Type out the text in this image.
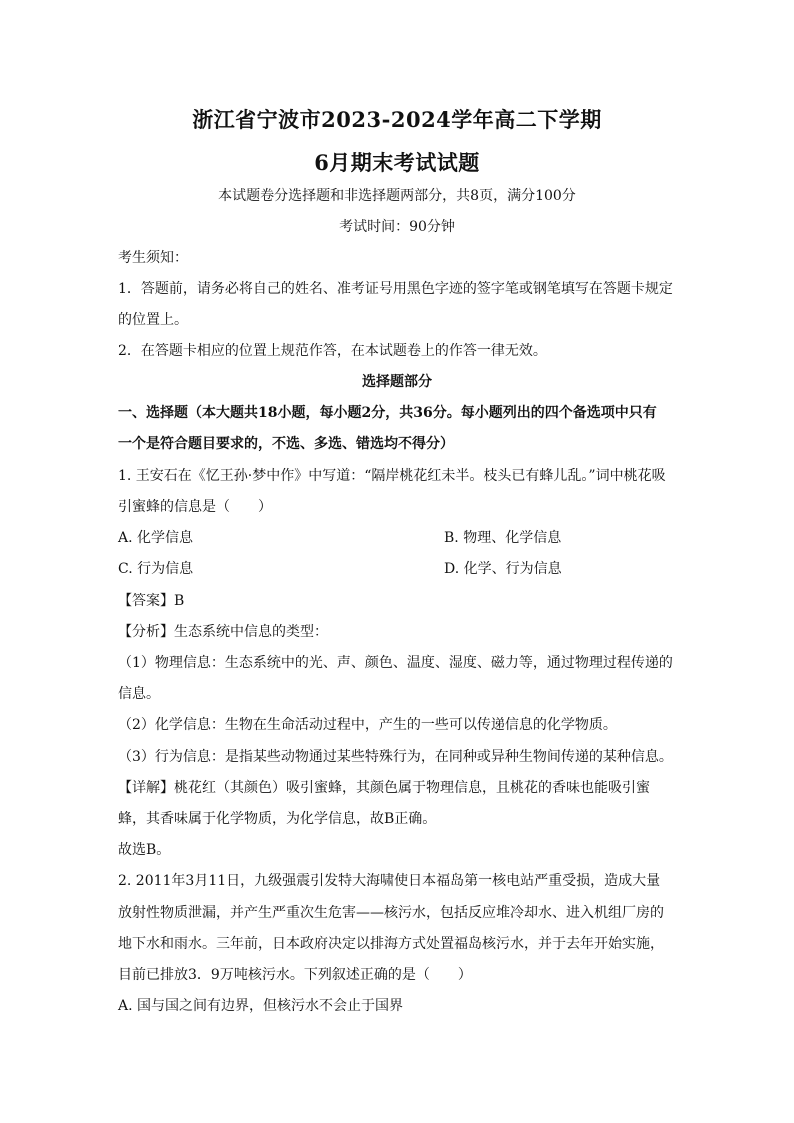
浙江省宁波市2023-2024学年高二下学期
6月期末考试试题
本试题卷分选择题和非选择题两部分，共8页，满分100分
考试时间：90分钟
考生须知：
1．答题前，请务必将自己的姓名、准考证号用黑色字迹的签字笔或钢笔填写在答题卡规定
的位置上。
2．在答题卡相应的位置上规范作答，在本试题卷上的作答一律无效。
选择题部分
一、选择题（本大题共18小题，每小题2分，共36分。每小题列出的四个备选项中只有
一个是符合题目要求的，不选、多选、错选均不得分）
1. 王安石在《忆王孙·梦中作》中写道：“隔岸桃花红未半。枝头已有蜂儿乱。”词中桃花吸
引蜜蜂的信息是（　　）
A. 化学信息	B. 物理、化学信息
C. 行为信息	D. 化学、行为信息
【答案】B
【分析】生态系统中信息的类型：
（1）物理信息：生态系统中的光、声、颜色、温度、湿度、磁力等，通过物理过程传递的
信息。
（2）化学信息：生物在生命活动过程中，产生的一些可以传递信息的化学物质。
（3）行为信息：是指某些动物通过某些特殊行为，在同种或异种生物间传递的某种信息。
【详解】桃花红（其颜色）吸引蜜蜂，其颜色属于物理信息，且桃花的香味也能吸引蜜
蜂，其香味属于化学物质，为化学信息，故B正确。
故选B。
2. 2011年3月11日，九级强震引发特大海啸使日本福岛第一核电站严重受损，造成大量
放射性物质泄漏，并产生严重次生危害——核污水，包括反应堆冷却水、进入机组厂房的
地下水和雨水。三年前，日本政府决定以排海方式处置福岛核污水，并于去年开始实施，
目前已排放3．9万吨核污水。下列叙述正确的是（　　）
A. 国与国之间有边界，但核污水不会止于国界
